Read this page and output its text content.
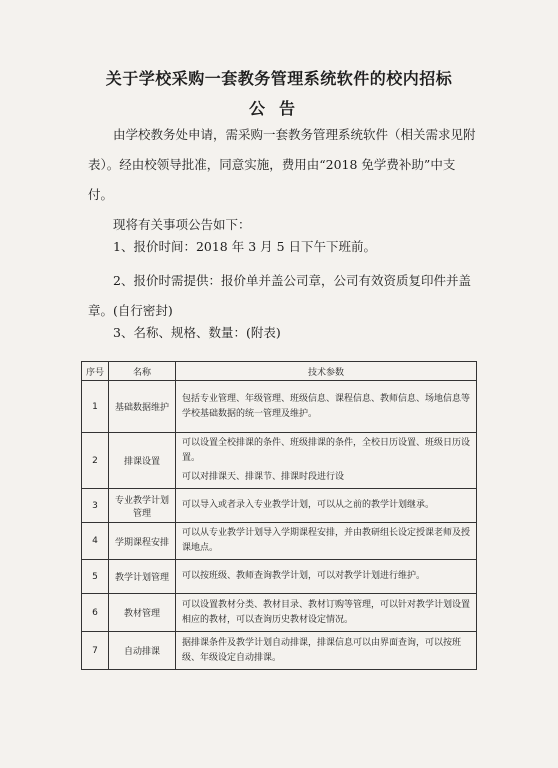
关于学校采购一套教务管理系统软件的校内招标
公告
由学校教务处申请，需采购一套教务管理系统软件（相关需求见附表）。经由校领导批准，同意实施，费用由“2018 免学费补助”中支付。
现将有关事项公告如下：
1、报价时间：2018 年 3 月 5 日下午下班前。
2、报价时需提供：报价单并盖公司章，公司有效资质复印件并盖章。(自行密封)
3、名称、规格、数量：(附表)
序号	名称	技术参数
1	基础数据维护	包括专业管理、年级管理、班级信息、课程信息、教师信息、场地信息等学校基础数据的统一管理及维护。

2	排课设置	可以设置全校排课的条件、班级排课的条件，全校日历设置、班级日历设置。
可以对排课天、排课节、排课时段进行设

3	专业教学计划管理	可以导入或者录入专业教学计划，可以从之前的教学计划继承。

4	学期课程安排	可以从专业教学计划导入学期课程安排，并由教研组长设定授课老师及授课地点。

5	教学计划管理	可以按班级、教师查询教学计划，可以对教学计划进行维护。

6	教材管理	可以设置教材分类、教材目录、教材订购等管理，可以针对教学计划设置相应的教材，可以查询历史教材设定情况。

7	自动排课	据排课条件及教学计划自动排课，排课信息可以由界面查询，可以按班级、年级设定自动排课。
